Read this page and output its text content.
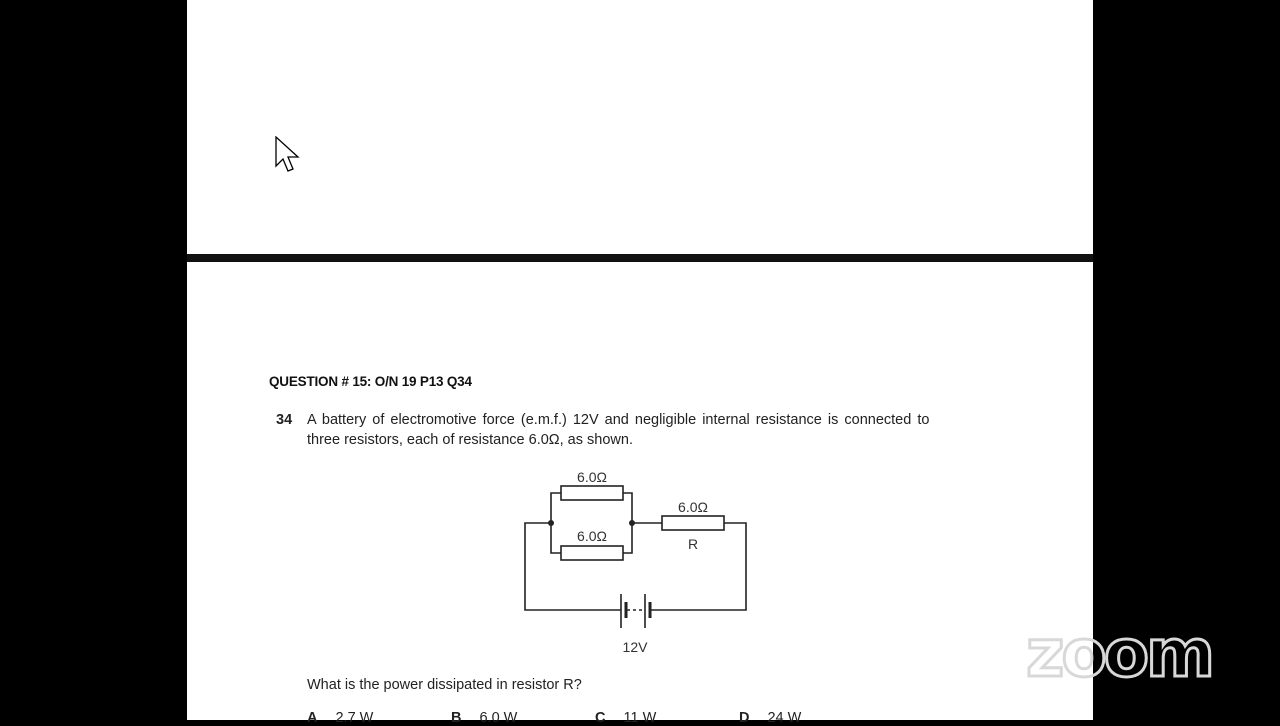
QUESTION # 15: O/N 19 P13 Q34
34 A battery of electromotive force (e.m.f.) 12V and negligible internal resistance is connected to
three resistors, each of resistance 6.0Ω, as shown.
6.0Ω
6.0Ω
6.0Ω
R
12V
What is the power dissipated in resistor R?
A 2.7 W	B 6.0 W	C 11 W	D 24 W
zoom
